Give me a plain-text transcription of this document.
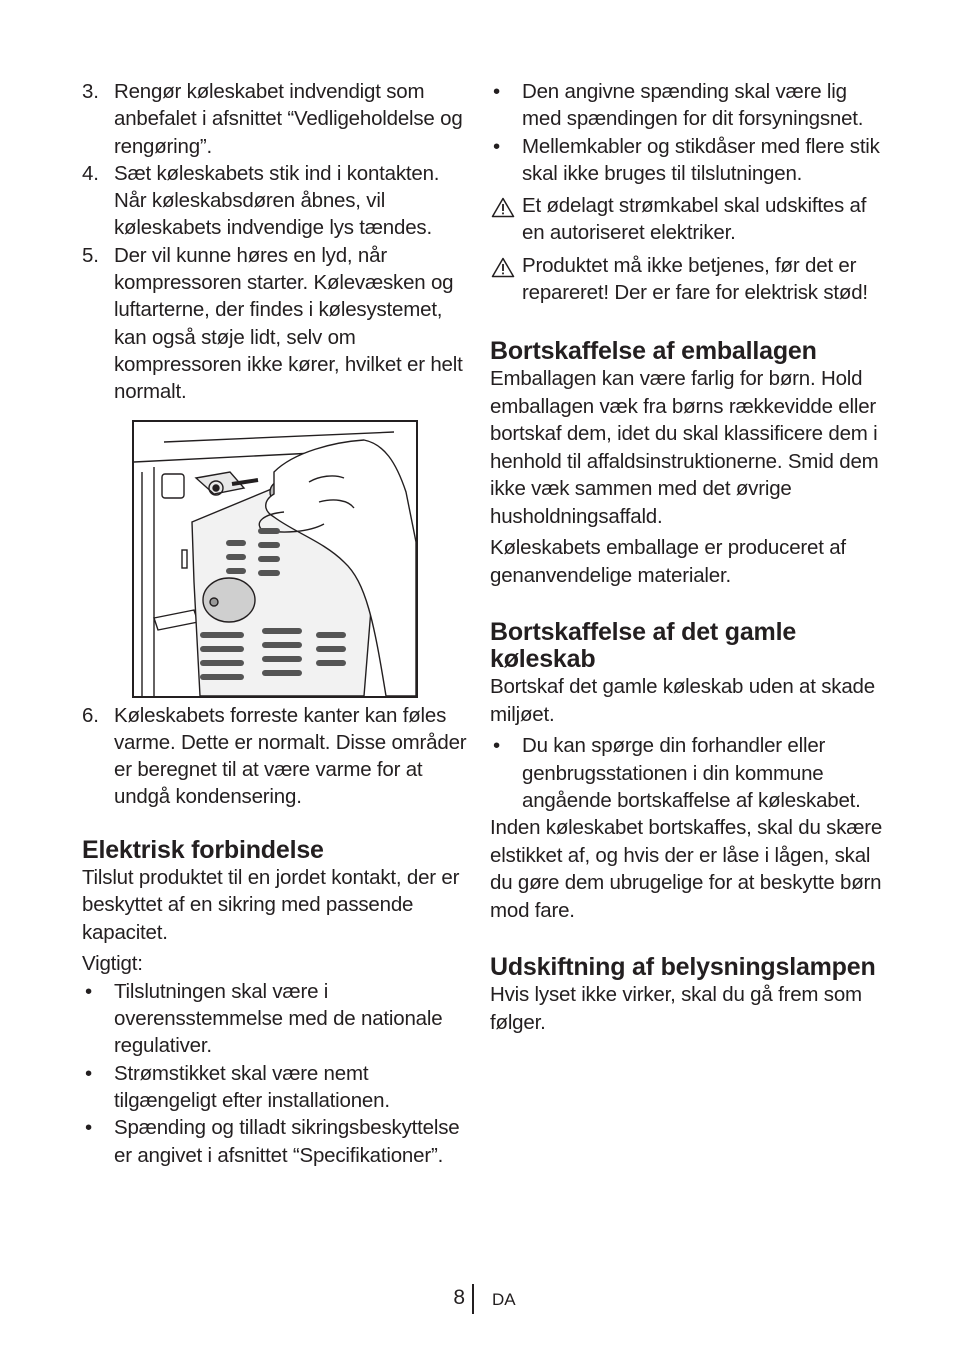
3. Rengør køleskabet indvendigt som anbefalet i afsnittet “Vedligeholdelse og rengøring”.
4. Sæt køleskabets stik ind i kontakten. Når køleskabsdøren åbnes, vil køleskabets indvendige lys tændes.
5. Der vil kunne høres en lyd, når kompressoren starter. Kølevæsken og luftarterne, der findes i kølesystemet, kan også støje lidt, selv om kompressoren ikke kører, hvilket er helt normalt.
6. Køleskabets forreste kanter kan føles varme. Dette er normalt. Disse områder er beregnet til at være varme for at undgå kondensering.
Elektrisk forbindelse

Tilslut produktet til en jordet kontakt, der er beskyttet af en sikring med passende kapacitet.

Vigtigt:

•	Tilslutningen skal være i overensstemmelse med de nationale regulativer.
•	Strømstikket skal være nemt tilgængeligt efter installationen.
•	Spænding og tilladt sikringsbeskyttelse er angivet i afsnittet “Specifikationer”.
•	Den angivne spænding skal være lig med spændingen for dit forsyningsnet.
•	Mellemkabler og stikdåser med flere stik skal ikke bruges til tilslutningen.
Et ødelagt strømkabel skal udskiftes af en autoriseret elektriker.
Produktet må ikke betjenes, før det er repareret! Der er fare for elektrisk stød!
Bortskaffelse af emballagen

Emballagen kan være farlig for børn. Hold emballagen væk fra børns rækkevidde eller bortskaf dem, idet du skal klassificere dem i henhold til affaldsinstruktionerne. Smid dem ikke væk sammen med det øvrige husholdningsaffald.

Køleskabets emballage er produceret af genanvendelige materialer.

Bortskaffelse af det gamle køleskab

Bortskaf det gamle køleskab uden at skade miljøet.

•	Du kan spørge din forhandler eller genbrugsstationen i din kommune angående bortskaffelse af køleskabet.

Inden køleskabet bortskaffes, skal du skære elstikket af, og hvis der er låse i lågen, skal du gøre dem ubrugelige for at beskytte børn mod fare.

Udskiftning af belysningslampen

Hvis lyset ikke virker, skal du gå frem som følger.

8 DA
